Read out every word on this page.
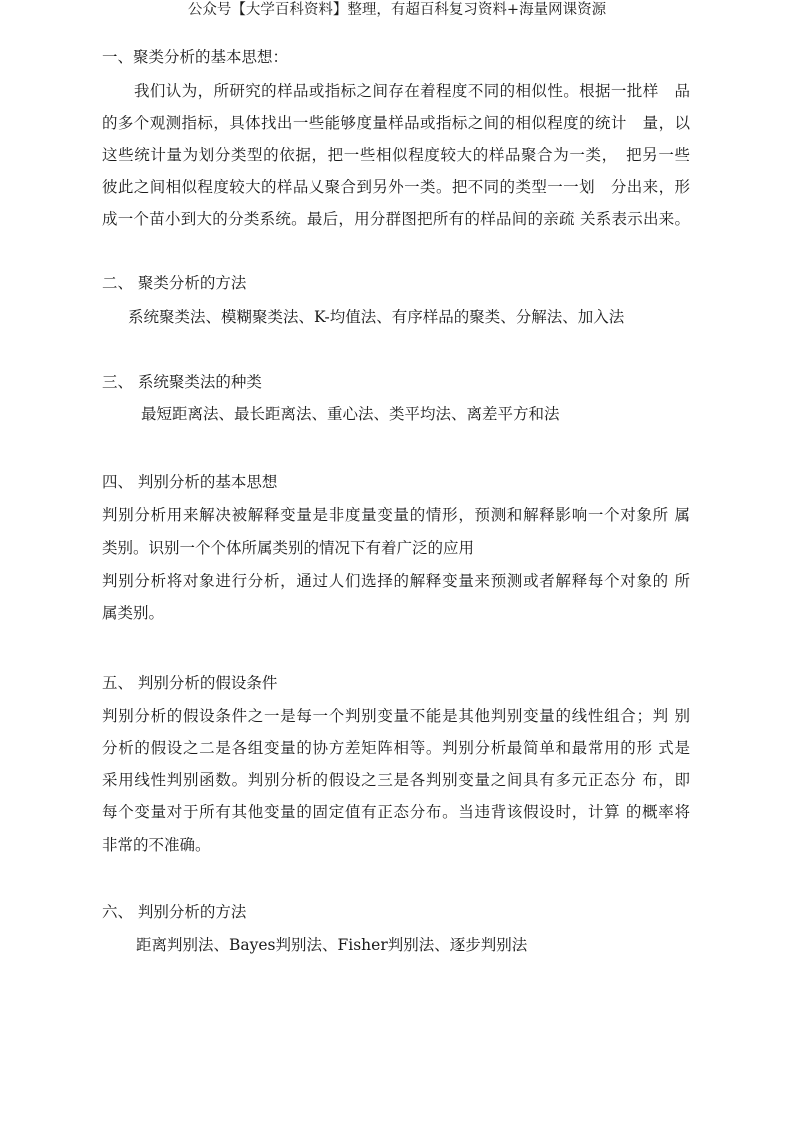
公众号【大学百科资料】整理，有超百科复习资料+海量网课资源
一、聚类分析的基本思想：
我们认为，所研究的样品或指标之间存在着程度不同的相似性。根据一批样　品
的多个观测指标，具体找出一些能够度量样品或指标之间的相似程度的统计　量，以
这些统计量为划分类型的依据，把一些相似程度较大的样品聚合为一类，　把另一些
彼此之间相似程度较大的样品乂聚合到另外一类。把不同的类型一一划　分出来，形
成一个苗小到大的分类系统。最后，用分群图把所有的样品间的亲疏 关系表示出来。
二、 聚类分析的方法
系统聚类法、模糊聚类法、K-均值法、有序样品的聚类、分解法、加入法
三、 系统聚类法的种类
最短距离法、最长距离法、重心法、类平均法、离差平方和法
四、 判别分析的基本思想
判别分析用来解决被解释变量是非度量变量的情形，预测和解释影响一个对象所 属
类别。识别一个个体所属类别的情况下有着广泛的应用
判别分析将对象进行分析，通过人们选择的解释变量来预测或者解释每个对象的 所
属类别。
五、 判别分析的假设条件
判别分析的假设条件之一是每一个判别变量不能是其他判别变量的线性组合；判 别
分析的假设之二是各组变量的协方差矩阵相等。判别分析最简单和最常用的形 式是
采用线性判别函数。判别分析的假设之三是各判别变量之间具有多元正态分 布，即
每个变量对于所有其他变量的固定值有正态分布。当违背该假设时，计算 的概率将
非常的不准确。
六、 判别分析的方法
距离判别法、Bayes判别法、Fisher判别法、逐步判别法
